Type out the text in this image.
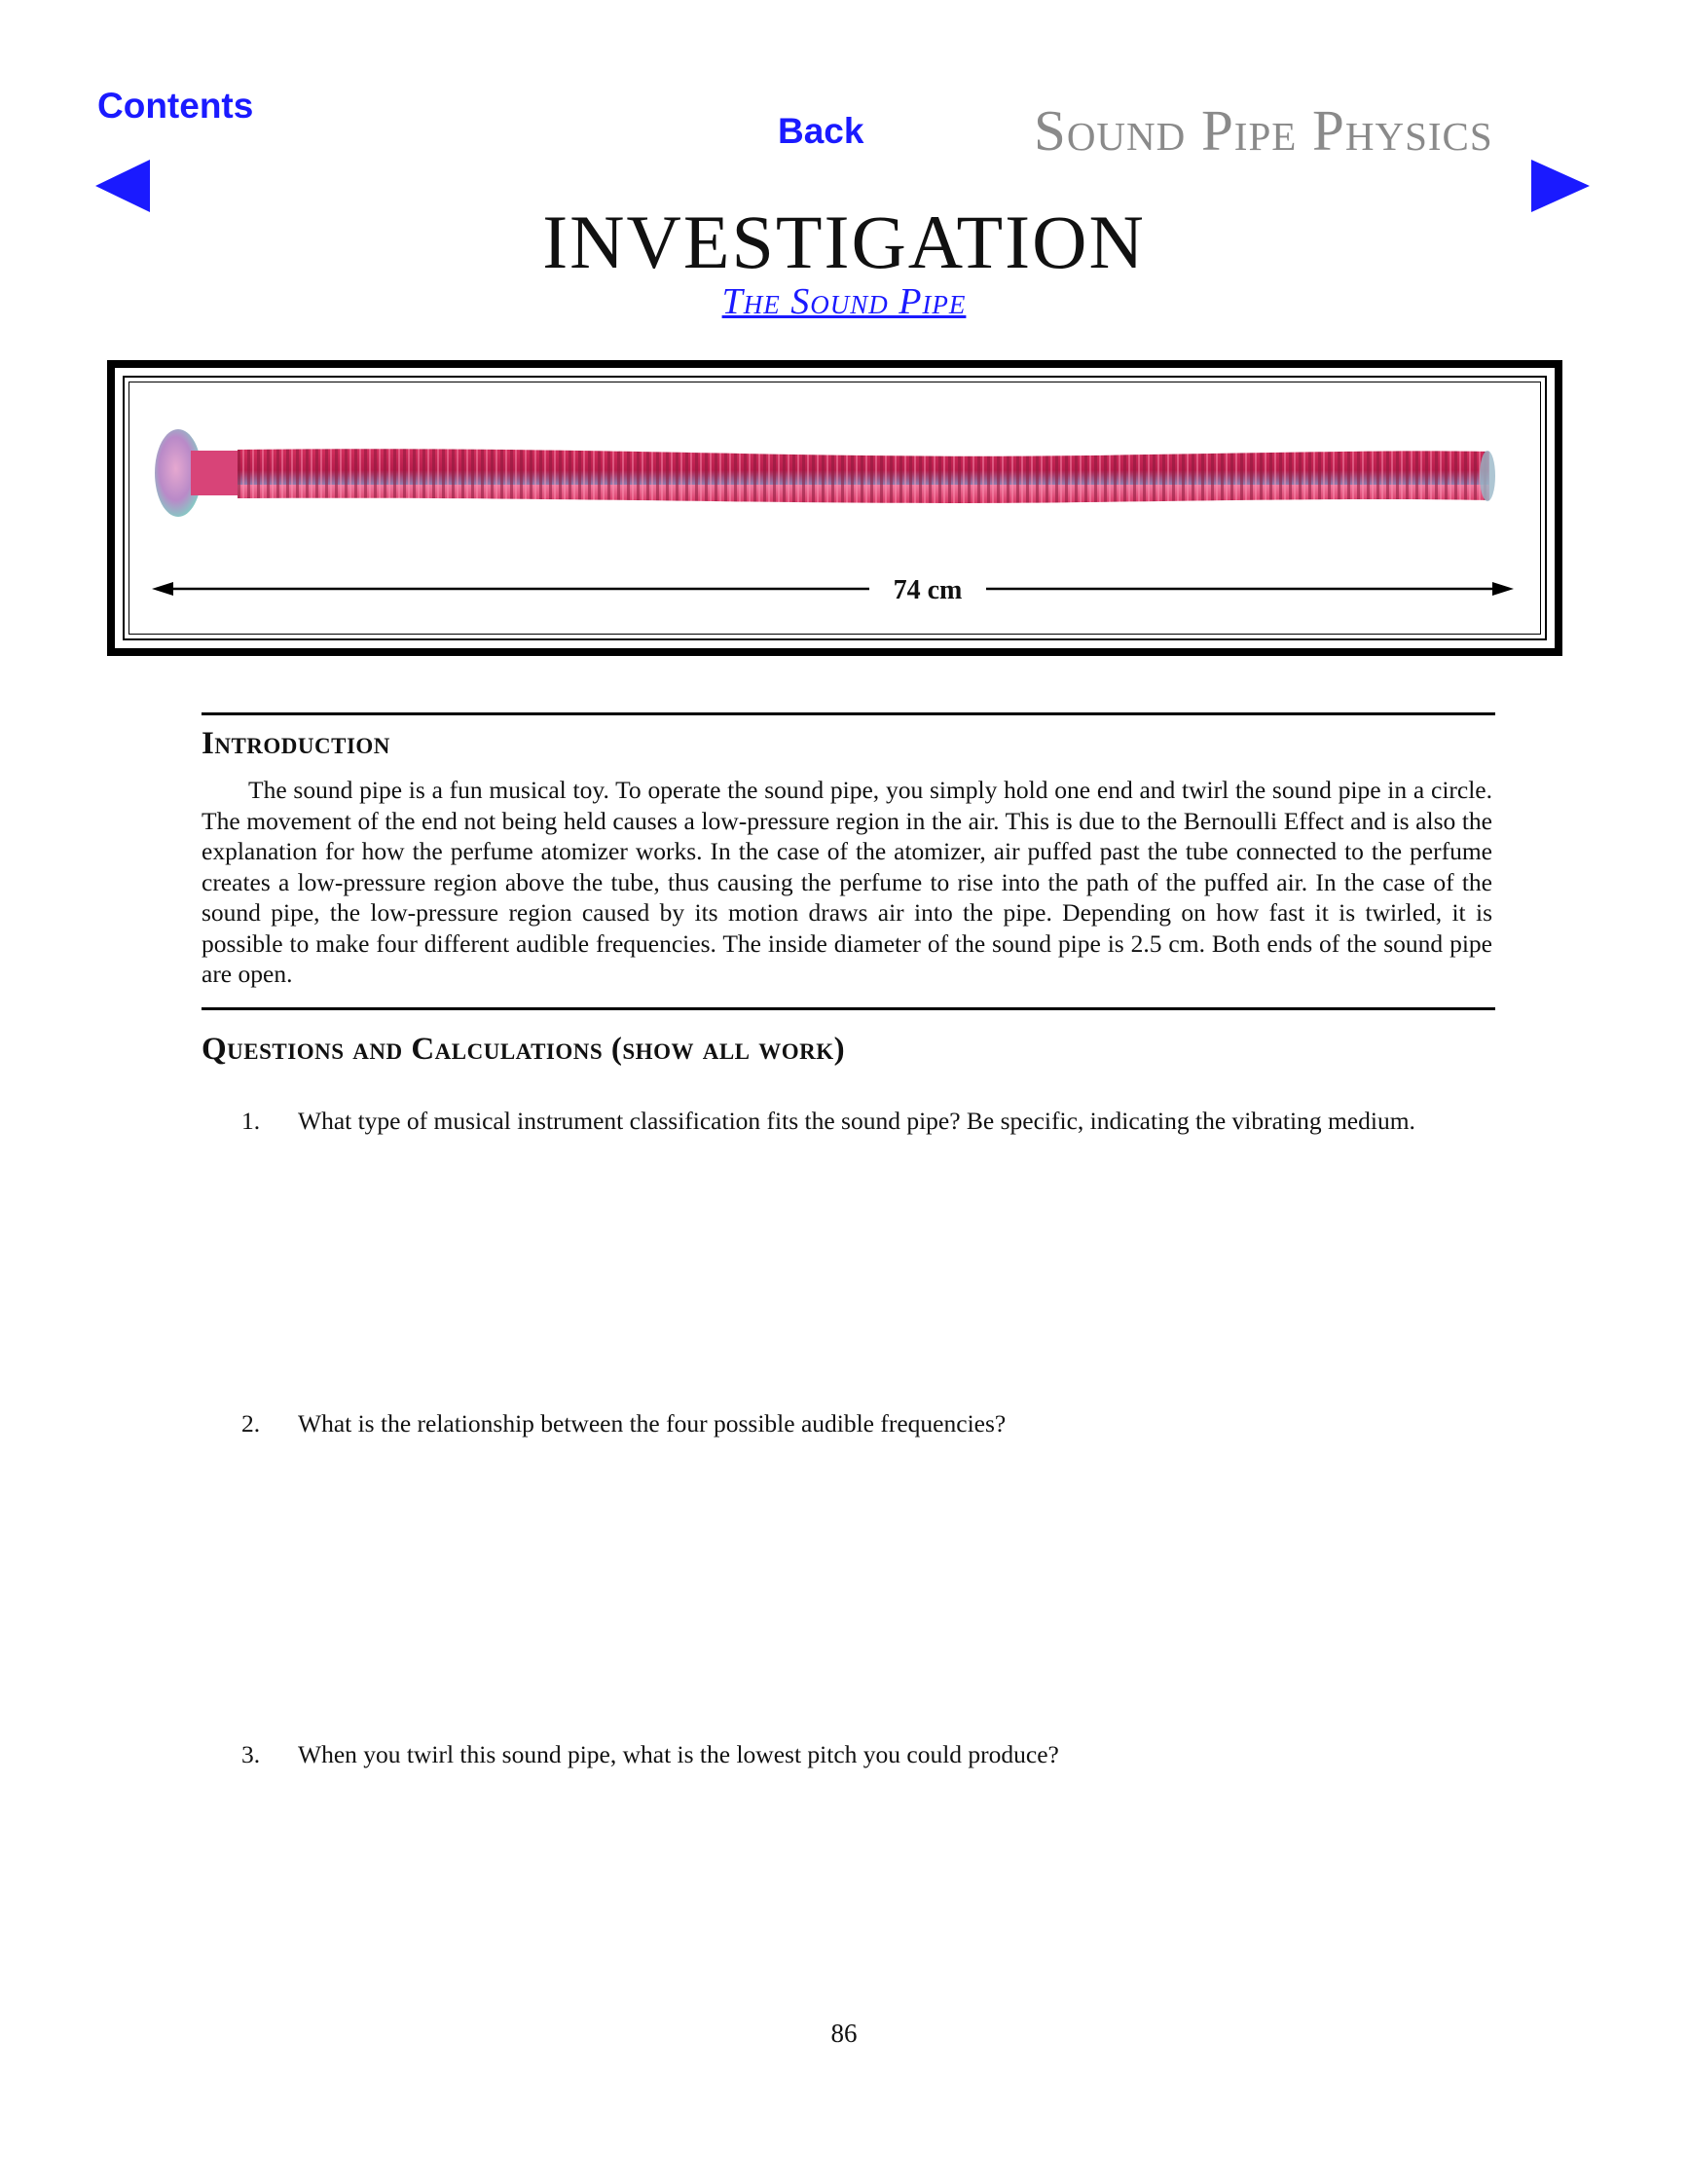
Contents
Back	Sound Pipe Physics
INVESTIGATION
The Sound Pipe
74 cm
Introduction
The sound pipe is a fun musical toy. To operate the sound pipe, you simply hold one end and twirl the sound pipe in a circle. The movement of the end not being held causes a low-pressure region in the air. This is due to the Bernoulli Effect and is also the explanation for how the perfume atomizer works. In the case of the atomizer, air puffed past the tube connected to the perfume creates a low-pressure region above the tube, thus causing the perfume to rise into the path of the puffed air. In the case of the sound pipe, the low-pressure region caused by its motion draws air into the pipe. Depending on how fast it is twirled, it is possible to make four different audible frequencies. The inside diameter of the sound pipe is 2.5 cm. Both ends of the sound pipe are open.
Questions and Calculations (show all work)
1.	What type of musical instrument classification fits the sound pipe? Be specific, indicating the vibrating medium.
2.	What is the relationship between the four possible audible frequencies?
3.	When you twirl this sound pipe, what is the lowest pitch you could produce?
86
